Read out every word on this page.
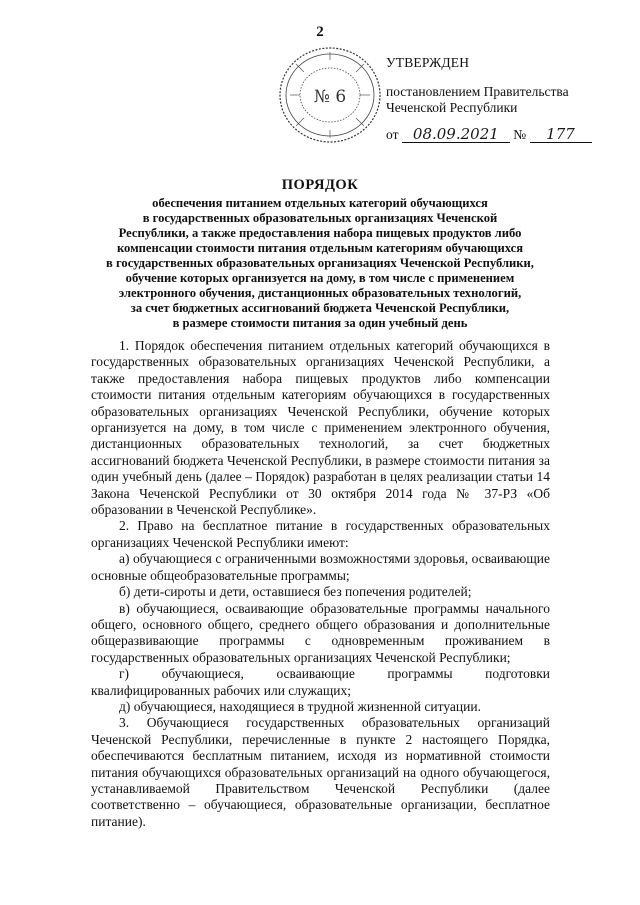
2
№ 6
УТВЕРЖДЕН
постановлением Правительства
Чеченской Республики
от 08.09.2021 № 177
ПОРЯДОК
обеспечения питанием отдельных категорий обучающихся
в государственных образовательных организациях Чеченской
Республики, а также предоставления набора пищевых продуктов либо
компенсации стоимости питания отдельным категориям обучающихся
в государственных образовательных организациях Чеченской Республики,
обучение которых организуется на дому, в том числе с применением
электронного обучения, дистанционных образовательных технологий,
за счет бюджетных ассигнований бюджета Чеченской Республики,
в размере стоимости питания за один учебный день

1. Порядок обеспечения питанием отдельных категорий обучающихся в государственных образовательных организациях Чеченской Республики, а также предоставления набора пищевых продуктов либо компенсации стоимости питания отдельным категориям обучающихся в государственных образовательных организациях Чеченской Республики, обучение которых организуется на дому, в том числе с применением электронного обучения, дистанционных образовательных технологий, за счет бюджетных ассигнований бюджета Чеченской Республики, в размере стоимости питания за один учебный день (далее – Порядок) разработан в целях реализации статьи 14 Закона Чеченской Республики от 30 октября 2014 года № 37-РЗ «Об образовании в Чеченской Республике».

2. Право на бесплатное питание в государственных образовательных организациях Чеченской Республики имеют:

а) обучающиеся с ограниченными возможностями здоровья, осваивающие основные общеобразовательные программы;

б) дети-сироты и дети, оставшиеся без попечения родителей;

в) обучающиеся, осваивающие образовательные программы начального общего, основного общего, среднего общего образования и дополнительные общеразвивающие программы с одновременным проживанием в государственных образовательных организациях Чеченской Республики;

г) обучающиеся, осваивающие программы подготовки квалифицированных рабочих или служащих;

д) обучающиеся, находящиеся в трудной жизненной ситуации.

3. Обучающиеся государственных образовательных организаций Чеченской Республики, перечисленные в пункте 2 настоящего Порядка, обеспечиваются бесплатным питанием, исходя из нормативной стоимости питания обучающихся образовательных организаций на одного обучающегося, устанавливаемой Правительством Чеченской Республики (далее соответственно – обучающиеся, образовательные организации, бесплатное питание).
